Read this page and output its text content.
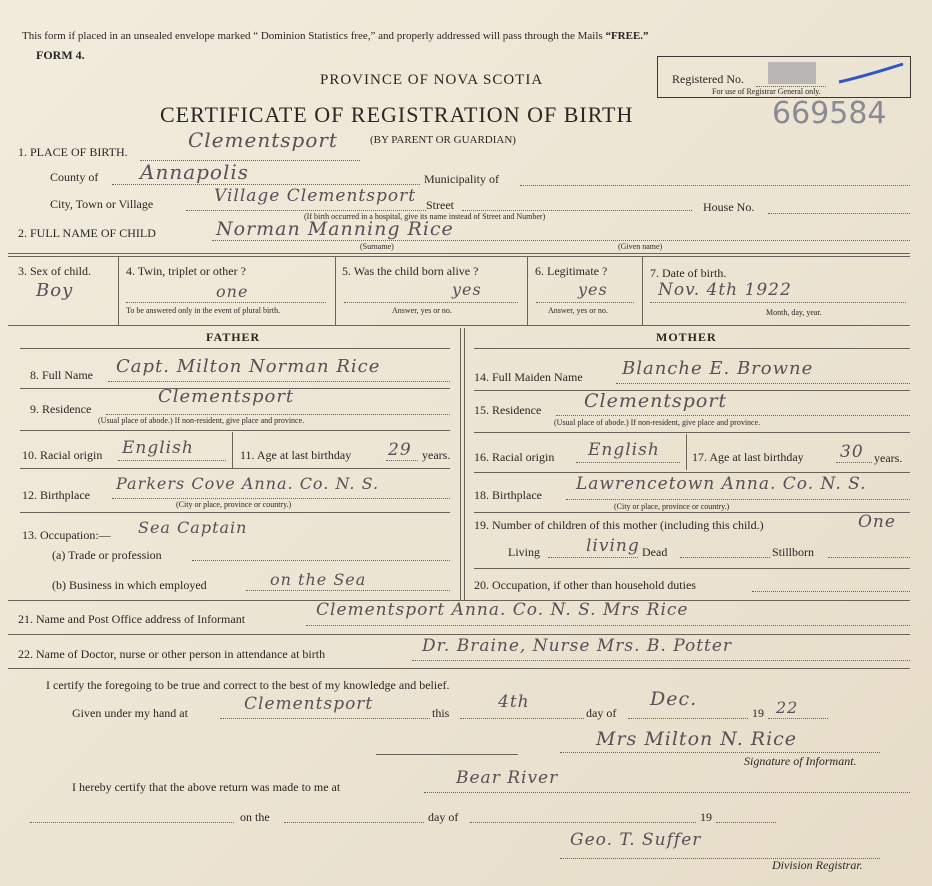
This form if placed in an unsealed envelope marked “ Dominion Statistics free,” and properly addressed will pass through the Mails “FREE.”
FORM 4.
PROVINCE OF NOVA SCOTIA	Registered No.
For use of Registrar General only.
CERTIFICATE OF REGISTRATION OF BIRTH	669584
(BY PARENT OR GUARDIAN)
1. PLACE OF BIRTH.	Clementsport
County of Annapolis	Municipality of
City, Town or Village	Village Clementsport Street	House No.
(If birth occurred in a hospital, give its name instead of Street and Number)
2. FULL NAME OF CHILD	Norman Manning Rice
(Surname)	(Given name)
3. Sex of child.
Boy
4. Twin, triplet or other ?
one
To be answered only in the event of plural birth.
5. Was the child born alive ?
yes
Answer, yes or no.
6. Legitimate ?
yes
Answer, yes or no.
7. Date of birth.
Nov. 4th 1922
Month, day, year.
FATHER	MOTHER
8. Full Name Capt. Milton Norman Rice
9. Residence
Clementsport
(Usual place of abode.) If non-resident, give place and province.
10. Racial origin English	11. Age at last birthday 29 years.
12. Birthplace
Parkers Cove Anna. Co. N. S.
(City or place, province or country.)
13. Occupation:— Sea Captain
(a) Trade or profession
(b) Business in which employed	on the Sea
14. Full Maiden Name Blanche E. Browne
15. Residence Clementsport
(Usual place of abode.) If non-resident, give place and province.
16. Racial origin English	17. Age at last birthday 30 years.
18. Birthplace
Lawrencetown Anna. Co. N. S.
(City or place, province or country.)
19. Number of children of this mother (including this child.)	One
Living	living Dead	Stillborn
20. Occupation, if other than household duties
21. Name and Post Office address of Informant	Clementsport Anna. Co. N. S. Mrs Rice
22. Name of Doctor, nurse or other person in attendance at birth	Dr. Braine, Nurse Mrs. B. Potter
I certify the foregoing to be true and correct to the best of my knowledge and belief.
Given under my hand at	Clementsport	this
4th
day of
Dec.
19 22
Mrs Milton N. Rice
Signature of Informant.
I hereby certify that the above return was made to me at	Bear River
on the	day of	19
Geo. T. Suffer
Division Registrar.
